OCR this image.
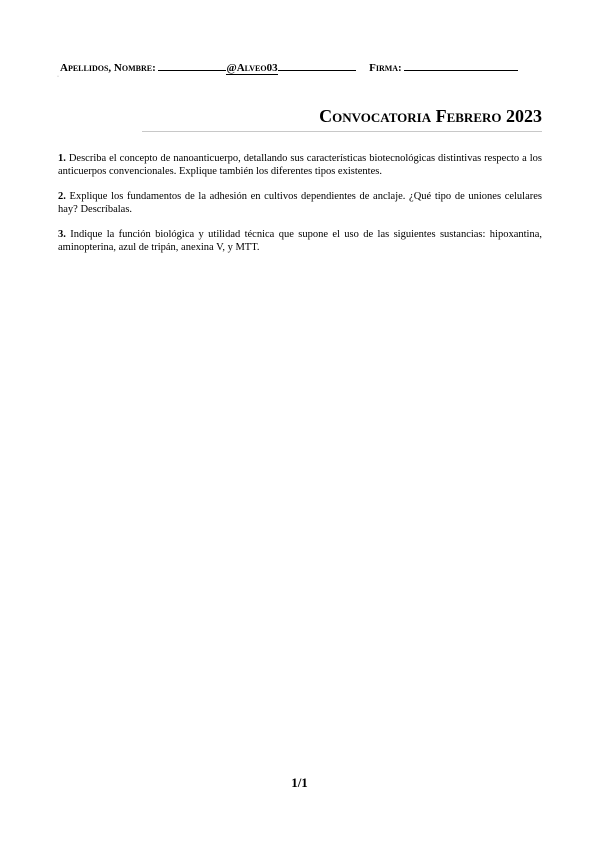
Apellidos, Nombre:	@Alveo03	Firma:
·
Convocatoria Febrero 2023

1. Describa el concepto de nanoanticuerpo, detallando sus características biotecnológicas distintivas respecto a los anticuerpos convencionales. Explique también los diferentes tipos existentes.

2. Explique los fundamentos de la adhesión en cultivos dependientes de anclaje. ¿Qué tipo de uniones celulares hay? Descríbalas.

3. Indique la función biológica y utilidad técnica que supone el uso de las siguientes sustancias: hipoxantina, aminopterina, azul de tripán, anexina V, y MTT.

1/1
